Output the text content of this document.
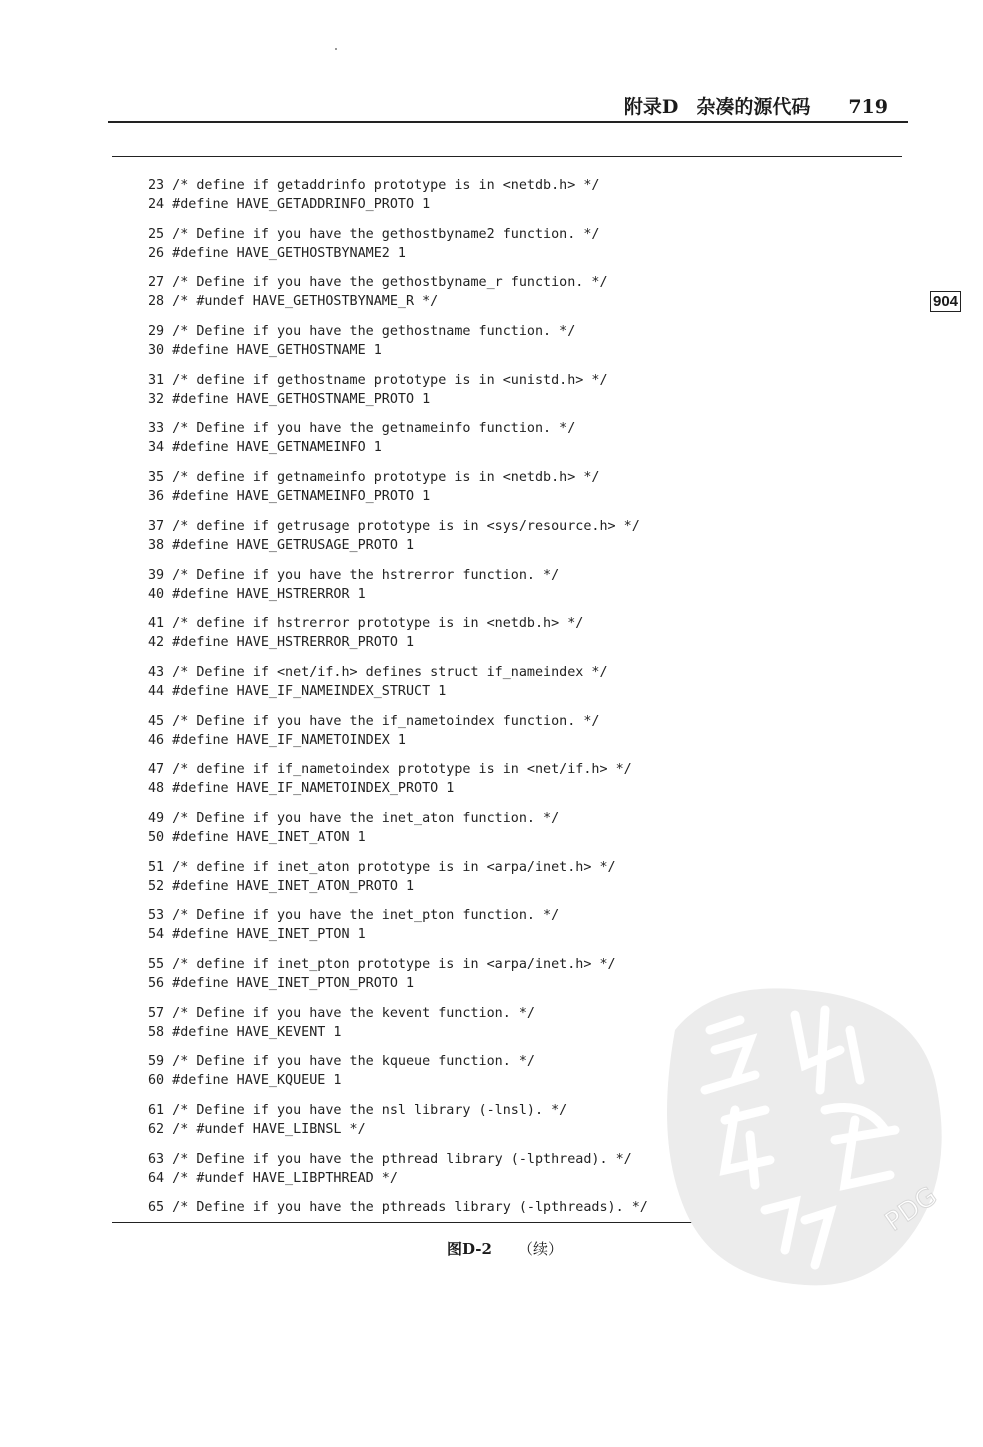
附录D 杂凑的源代码 719
904
23 /* define if getaddrinfo prototype is in <netdb.h> */
24 #define HAVE_GETADDRINFO_PROTO 1
25 /* Define if you have the gethostbyname2 function. */
26 #define HAVE_GETHOSTBYNAME2 1
27 /* Define if you have the gethostbyname_r function. */
28 /* #undef HAVE_GETHOSTBYNAME_R */
29 /* Define if you have the gethostname function. */
30 #define HAVE_GETHOSTNAME 1
31 /* define if gethostname prototype is in <unistd.h> */
32 #define HAVE_GETHOSTNAME_PROTO 1
33 /* Define if you have the getnameinfo function. */
34 #define HAVE_GETNAMEINFO 1
35 /* define if getnameinfo prototype is in <netdb.h> */
36 #define HAVE_GETNAMEINFO_PROTO 1
37 /* define if getrusage prototype is in <sys/resource.h> */
38 #define HAVE_GETRUSAGE_PROTO 1
39 /* Define if you have the hstrerror function. */
40 #define HAVE_HSTRERROR 1
41 /* define if hstrerror prototype is in <netdb.h> */
42 #define HAVE_HSTRERROR_PROTO 1
43 /* Define if <net/if.h> defines struct if_nameindex */
44 #define HAVE_IF_NAMEINDEX_STRUCT 1
45 /* Define if you have the if_nametoindex function. */
46 #define HAVE_IF_NAMETOINDEX 1
47 /* define if if_nametoindex prototype is in <net/if.h> */
48 #define HAVE_IF_NAMETOINDEX_PROTO 1
49 /* Define if you have the inet_aton function. */
50 #define HAVE_INET_ATON 1
51 /* define if inet_aton prototype is in <arpa/inet.h> */
52 #define HAVE_INET_ATON_PROTO 1
53 /* Define if you have the inet_pton function. */
54 #define HAVE_INET_PTON 1
55 /* define if inet_pton prototype is in <arpa/inet.h> */
56 #define HAVE_INET_PTON_PROTO 1
57 /* Define if you have the kevent function. */
58 #define HAVE_KEVENT 1
59 /* Define if you have the kqueue function. */
60 #define HAVE_KQUEUE 1
61 /* Define if you have the nsl library (-lnsl). */
62 /* #undef HAVE_LIBNSL */
63 /* Define if you have the pthread library (-lpthread). */
64 /* #undef HAVE_LIBPTHREAD */
65 /* Define if you have the pthreads library (-lpthreads). */
图D-2 （续）
PDG
